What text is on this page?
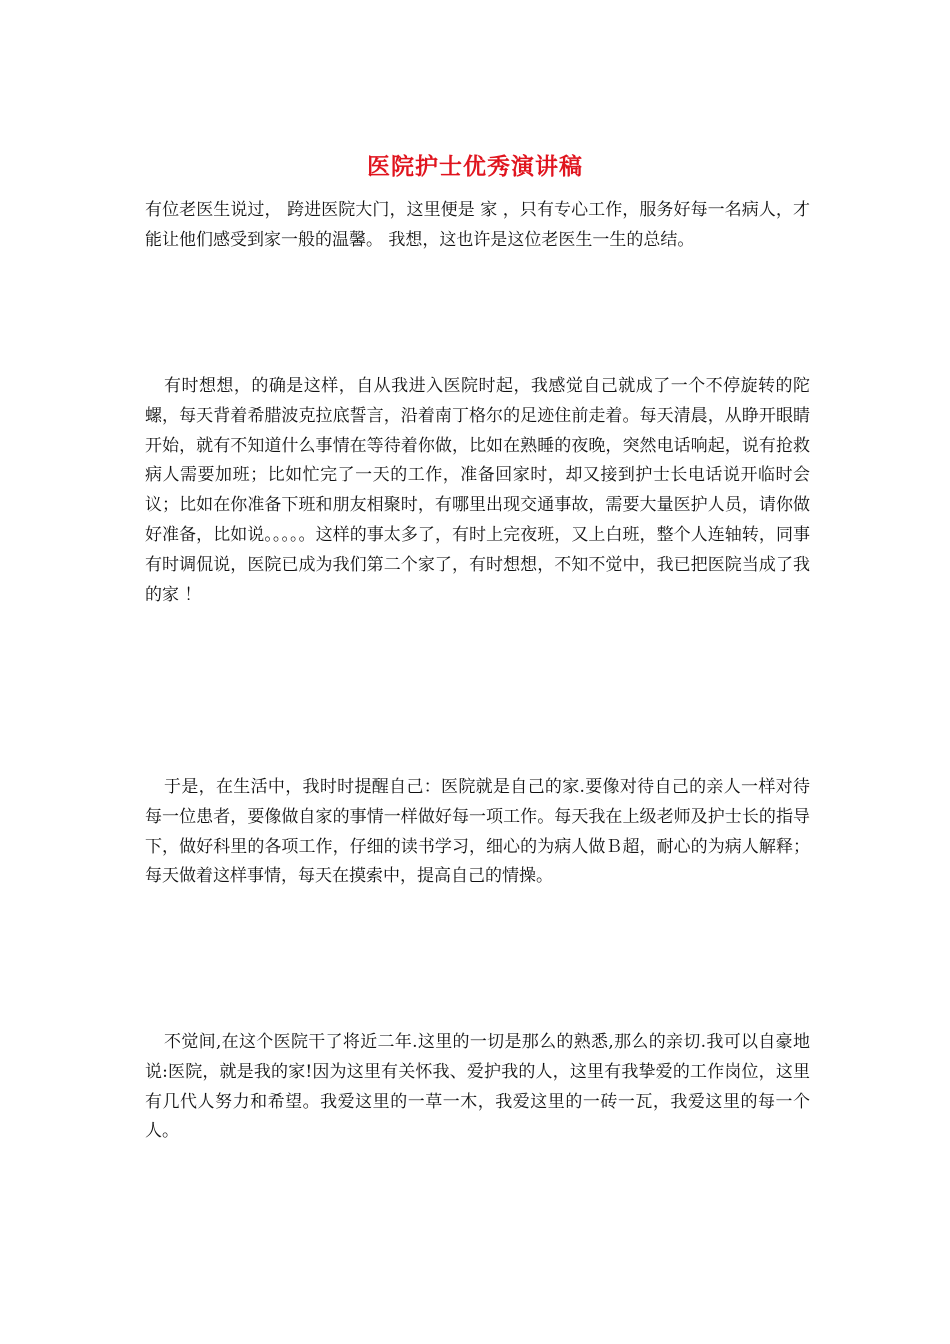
医院护士优秀演讲稿

有位老医生说过， 跨进医院大门，这里便是 家 ，只有专心工作，服务好每一名病人，才能让他们感受到家一般的温馨。 我想，这也许是这位老医生一生的总结。

有时想想，的确是这样，自从我进入医院时起，我感觉自己就成了一个不停旋转的陀螺，每天背着希腊波克拉底誓言，沿着南丁格尔的足迹住前走着。每天清晨，从睁开眼睛开始，就有不知道什么事情在等待着你做，比如在熟睡的夜晚，突然电话响起，说有抢救病人需要加班；比如忙完了一天的工作，准备回家时，却又接到护士长电话说开临时会议；比如在你准备下班和朋友相聚时，有哪里出现交通事故，需要大量医护人员，请你做好准备，比如说。。。。。这样的事太多了，有时上完夜班，又上白班，整个人连轴转，同事有时调侃说，医院已成为我们第二个家了，有时想想，不知不觉中，我已把医院当成了我的家 ！

于是，在生活中，我时时提醒自己：医院就是自己的家.要像对待自己的亲人一样对待每一位患者，要像做自家的事情一样做好每一项工作。每天我在上级老师及护士长的指导下，做好科里的各项工作，仔细的读书学习，细心的为病人做Ｂ超，耐心的为病人解释；每天做着这样事情，每天在摸索中，提高自己的情操。

不觉间,在这个医院干了将近二年.这里的一切是那么的熟悉,那么的亲切.我可以自豪地说:医院，就是我的家!因为这里有关怀我、爱护我的人，这里有我挚爱的工作岗位，这里有几代人努力和希望。我爱这里的一草一木，我爱这里的一砖一瓦，我爱这里的每一个人。
